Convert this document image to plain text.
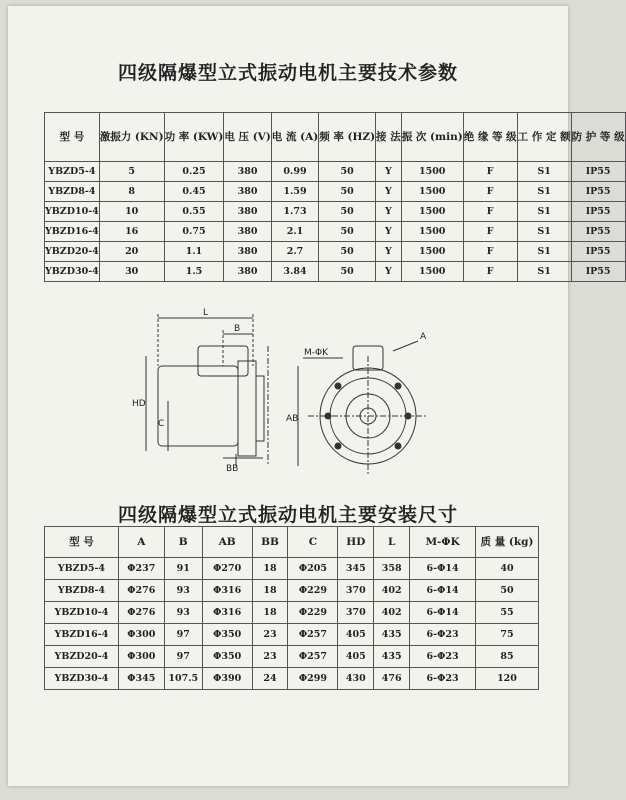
四级隔爆型立式振动电机主要技术参数
型 号	激振力 (KN)	功 率 (KW)	电 压 (V)	电 流 (A)	频 率 (HZ)	接 法	振 次 (min)	绝 缘 等 级	工 作 定 额	防 护 等 级
YBZD5-4	5	0.25	380	0.99	50	Y	1500	F	S1	IP55
YBZD8-4	8	0.45	380	1.59	50	Y	1500	F	S1	IP55
YBZD10-4	10	0.55	380	1.73	50	Y	1500	F	S1	IP55
YBZD16-4	16	0.75	380	2.1	50	Y	1500	F	S1	IP55
YBZD20-4	20	1.1	380	2.7	50	Y	1500	F	S1	IP55
YBZD30-4	30	1.5	380	3.84	50	Y	1500	F	S1	IP55
L
B
HD
C	AB
BB
M-ΦK
A
四级隔爆型立式振动电机主要安装尺寸
型 号	A	B	AB	BB	C	HD	L	M-ΦK	质 量 (kg)
YBZD5-4	Φ237	91	Φ270	18	Φ205	345	358	6-Φ14	40
YBZD8-4	Φ276	93	Φ316	18	Φ229	370	402	6-Φ14	50
YBZD10-4	Φ276	93	Φ316	18	Φ229	370	402	6-Φ14	55
YBZD16-4	Φ300	97	Φ350	23	Φ257	405	435	6-Φ23	75
YBZD20-4	Φ300	97	Φ350	23	Φ257	405	435	6-Φ23	85
YBZD30-4	Φ345	107.5	Φ390	24	Φ299	430	476	6-Φ23	120
